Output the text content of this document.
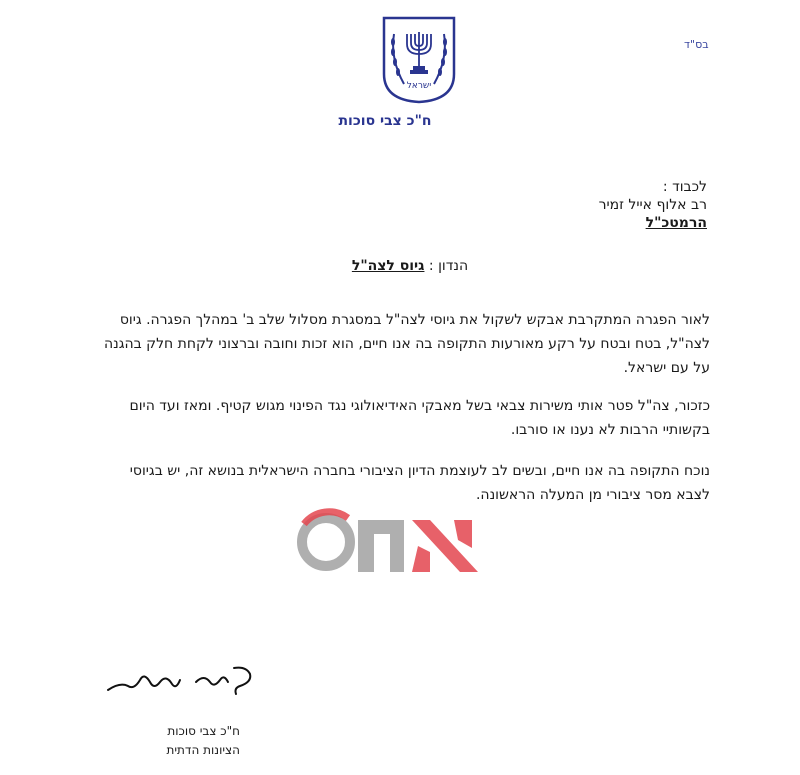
בס"ד
ישראל
ח"כ צבי סוכות
לכבוד :
רב אלוף אייל זמיר
הרמטכ"ל
הנדון : גיוס לצה"ל
לאור הפגרה המתקרבת אבקש לשקול את גיוסי לצה"ל במסגרת מסלול שלב ב' במהלך הפגרה. גיוס לצה"ל, בטח ובטח על רקע מאורעות התקופה בה אנו חיים, הוא זכות וחובה וברצוני לקחת חלק בהגנה על עם ישראל.
כזכור, צה"ל פטר אותי משירות צבאי בשל מאבקי האידיאולוגי נגד הפינוי מגוש קטיף. ומאז ועד היום בקשותיי הרבות לא נענו או סורבו.
נוכח התקופה בה אנו חיים, ובשים לב לעוצמת הדיון הציבורי בחברה הישראלית בנושא זה, יש בגיוסי לצבא מסר ציבורי מן המעלה הראשונה.
ח"כ צבי סוכות
הציונות הדתית
